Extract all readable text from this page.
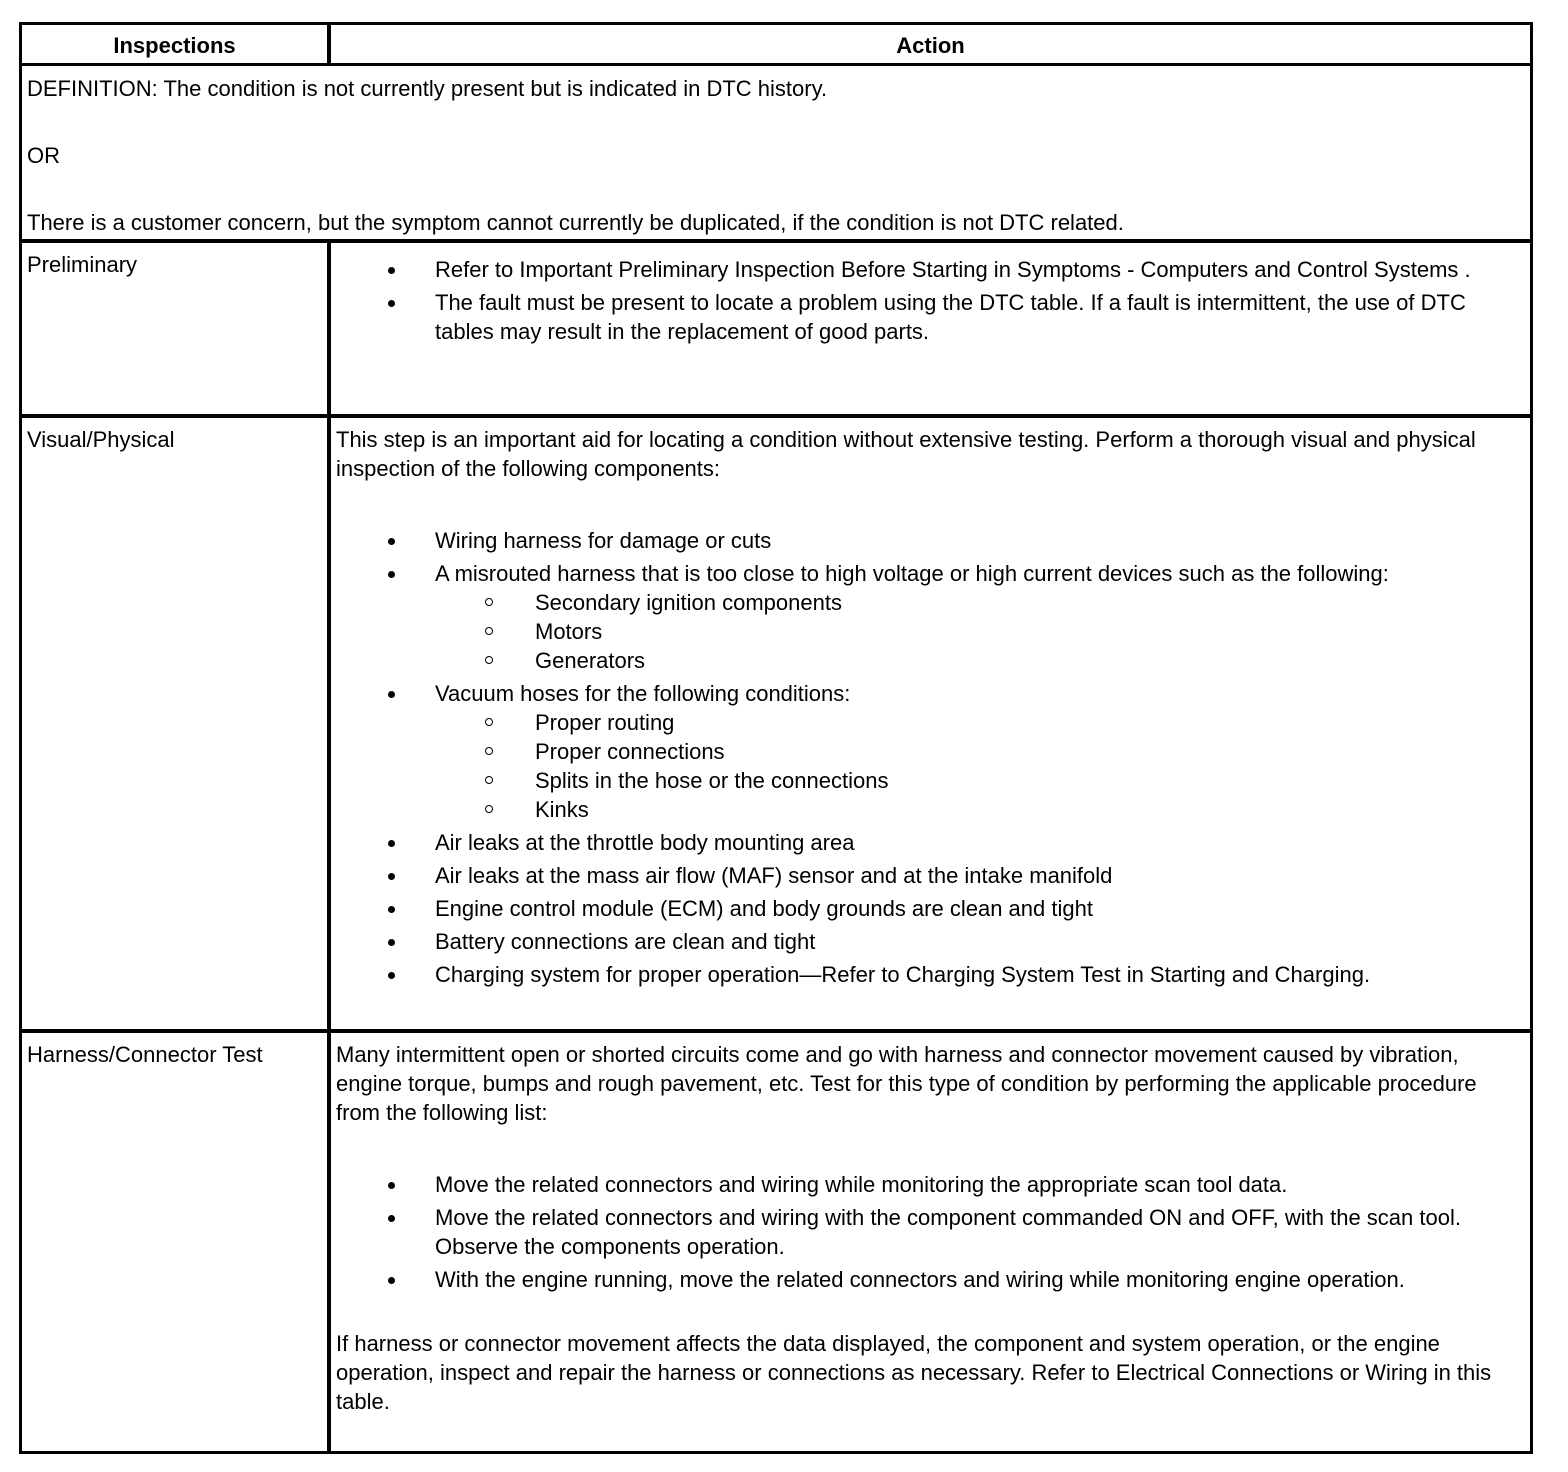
Inspections	Action
DEFINITION: The condition is not currently present but is indicated in DTC history.
OR
There is a customer concern, but the symptom cannot currently be duplicated, if the condition is not DTC related.
Preliminary	Refer to Important Preliminary Inspection Before Starting in Symptoms - Computers and Control Systems .
The fault must be present to locate a problem using the DTC table. If a fault is intermittent, the use of DTC tables may result in the replacement of good parts.
Visual/Physical	This step is an important aid for locating a condition without extensive testing. Perform a thorough visual and physical inspection of the following components:

Wiring harness for damage or cuts
A misrouted harness that is too close to high voltage or high current devices such as the following:
Secondary ignition components
Motors
Generators
Vacuum hoses for the following conditions:
Proper routing
Proper connections
Splits in the hose or the connections
Kinks
Air leaks at the throttle body mounting area
Air leaks at the mass air flow (MAF) sensor and at the intake manifold
Engine control module (ECM) and body grounds are clean and tight
Battery connections are clean and tight
Charging system for proper operation—Refer to Charging System Test in Starting and Charging.
Harness/Connector Test	Many intermittent open or shorted circuits come and go with harness and connector movement caused by vibration, engine torque, bumps and rough pavement, etc. Test for this type of condition by performing the applicable procedure from the following list:

Move the related connectors and wiring while monitoring the appropriate scan tool data.
Move the related connectors and wiring with the component commanded ON and OFF, with the scan tool. Observe the components operation.
With the engine running, move the related connectors and wiring while monitoring engine operation.

If harness or connector movement affects the data displayed, the component and system operation, or the engine operation, inspect and repair the harness or connections as necessary. Refer to Electrical Connections or Wiring in this table.
